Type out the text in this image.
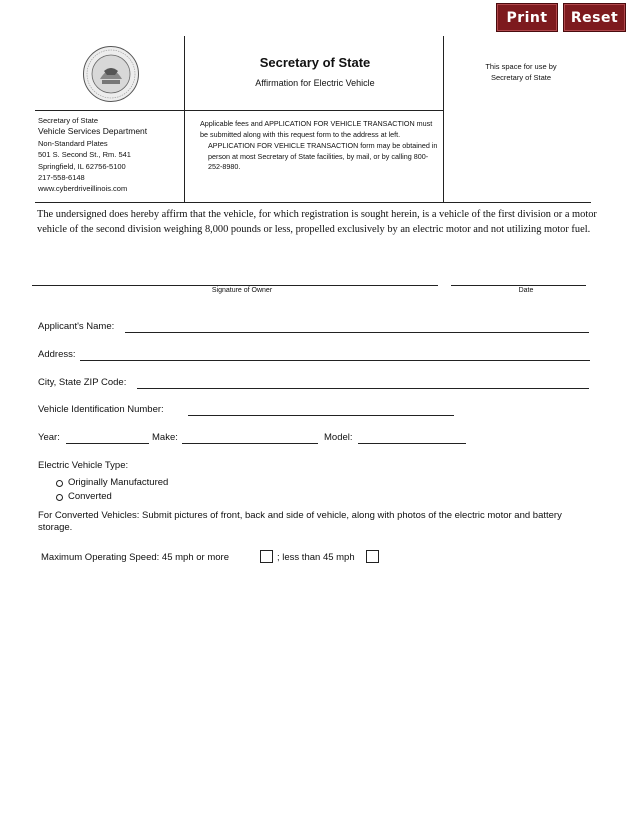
Print	Reset
Secretary of State
Affirmation for Electric Vehicle
This space for use by
Secretary of State
Secretary of State
Vehicle Services Department
Non-Standard Plates
501 S. Second St., Rm. 541
Springfield, IL 62756-5100
217-558-6148
www.cyberdriveillinois.com
Applicable fees and APPLICATION FOR VEHICLE TRANSACTION must be submitted along with this request form to the address at left.
APPLICATION FOR VEHICLE TRANSACTION form may be obtained in person at most Secretary of State facilities, by mail, or by calling 800-252-8980.
The undersigned does hereby affirm that the vehicle, for which registration is sought herein, is a vehicle of the first division or a motor vehicle of the second division weighing 8,000 pounds or less, propelled exclusively by an electric motor and not utilizing motor fuel.
Signature of Owner	Date
Applicant's Name:
Address:
City, State ZIP Code:
Vehicle Identification Number:
Year:	Make:	Model:
Electric Vehicle Type:
Originally Manufactured
Converted
For Converted Vehicles: Submit pictures of front, back and side of vehicle, along with photos of the electric motor and battery storage.
Maximum Operating Speed: 45 mph or more	; less than 45 mph
